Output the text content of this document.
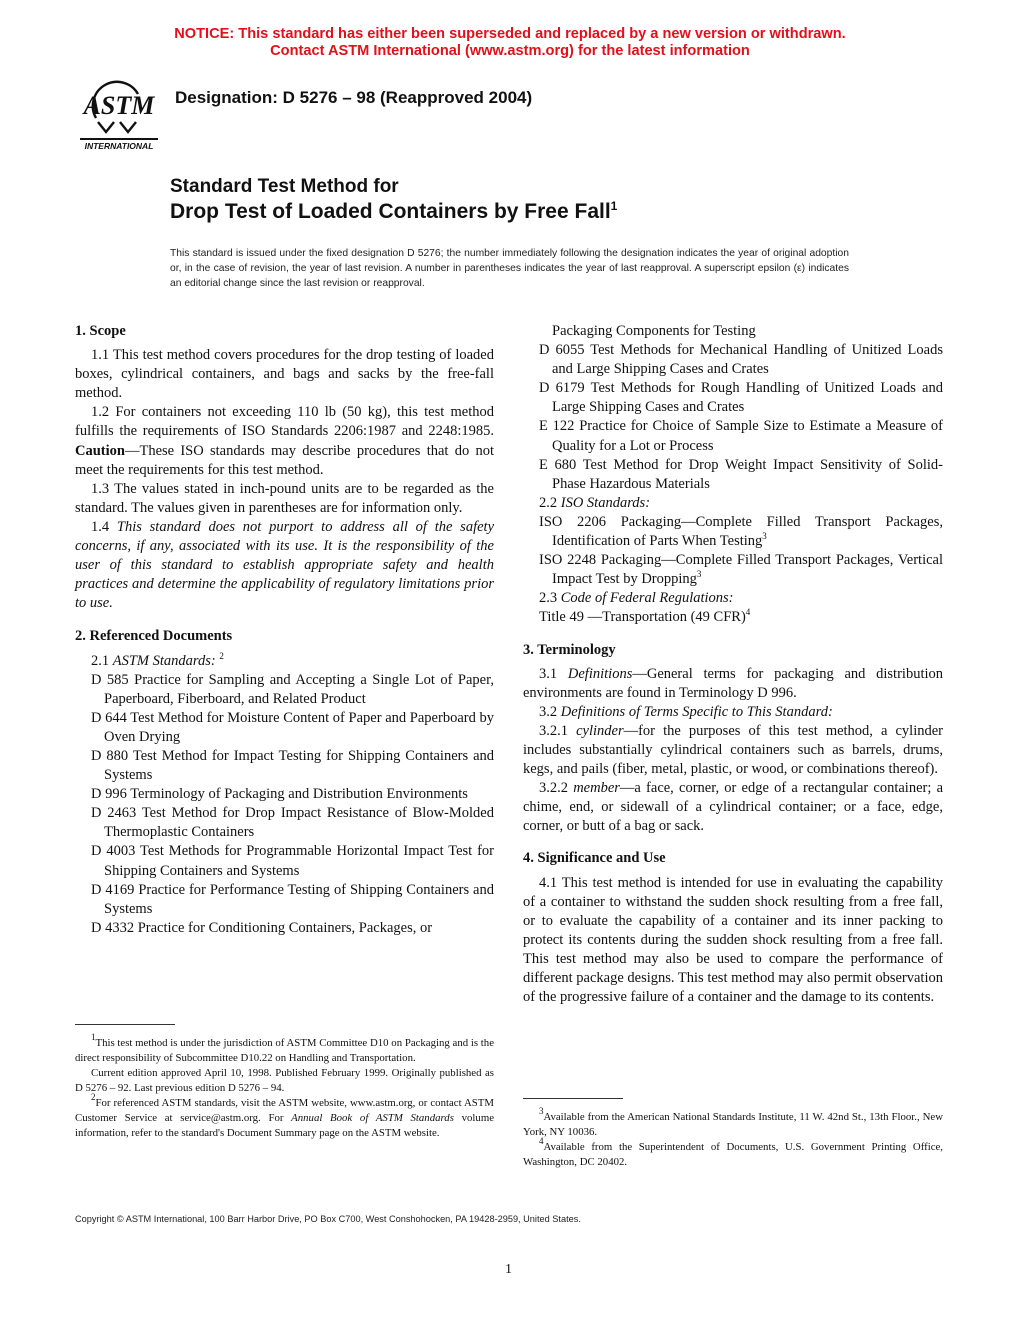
NOTICE: This standard has either been superseded and replaced by a new version or withdrawn.
Contact ASTM International (www.astm.org) for the latest information
ASTM
INTERNATIONAL
Designation: D 5276 – 98 (Reapproved 2004)
Standard Test Method for
Drop Test of Loaded Containers by Free Fall$^1$
This standard is issued under the fixed designation D 5276; the number immediately following the designation indicates the year of original adoption or, in the case of revision, the year of last revision. A number in parentheses indicates the year of last reapproval. A superscript epsilon (ε) indicates an editorial change since the last revision or reapproval.

1. Scope

1.1 This test method covers procedures for the drop testing of loaded boxes, cylindrical containers, and bags and sacks by the free-fall method.

1.2 For containers not exceeding 110 lb (50 kg), this test method fulfills the requirements of ISO Standards 2206:1987 and 2248:1985. Caution—These ISO standards may describe procedures that do not meet the requirements for this test method.

1.3 The values stated in inch-pound units are to be regarded as the standard. The values given in parentheses are for information only.

1.4 This standard does not purport to address all of the safety concerns, if any, associated with its use. It is the responsibility of the user of this standard to establish appropriate safety and health practices and determine the applicability of regulatory limitations prior to use.

2. Referenced Documents

2.1 ASTM Standards: $^2$

D 585 Practice for Sampling and Accepting a Single Lot of Paper, Paperboard, Fiberboard, and Related Product

D 644 Test Method for Moisture Content of Paper and Paperboard by Oven Drying

D 880 Test Method for Impact Testing for Shipping Containers and Systems

D 996 Terminology of Packaging and Distribution Environments

D 2463 Test Method for Drop Impact Resistance of Blow-Molded Thermoplastic Containers

D 4003 Test Methods for Programmable Horizontal Impact Test for Shipping Containers and Systems

D 4169 Practice for Performance Testing of Shipping Containers and Systems

D 4332 Practice for Conditioning Containers, Packages, or

$^1$This test method is under the jurisdiction of ASTM Committee D10 on Packaging and is the direct responsibility of Subcommittee D10.22 on Handling and Transportation.

Current edition approved April 10, 1998. Published February 1999. Originally published as D 5276 – 92. Last previous edition D 5276 – 94.

$^2$For referenced ASTM standards, visit the ASTM website, www.astm.org, or contact ASTM Customer Service at service@astm.org. For Annual Book of ASTM Standards volume information, refer to the standard's Document Summary page on the ASTM website.

Packaging Components for Testing

D 6055 Test Methods for Mechanical Handling of Unitized Loads and Large Shipping Cases and Crates

D 6179 Test Methods for Rough Handling of Unitized Loads and Large Shipping Cases and Crates

E 122 Practice for Choice of Sample Size to Estimate a Measure of Quality for a Lot or Process

E 680 Test Method for Drop Weight Impact Sensitivity of Solid-Phase Hazardous Materials

2.2 ISO Standards:

ISO 2206 Packaging—Complete Filled Transport Packages, Identification of Parts When Testing$^3$

ISO 2248 Packaging—Complete Filled Transport Packages, Vertical Impact Test by Dropping$^3$

2.3 Code of Federal Regulations:

Title 49 —Transportation (49 CFR)$^4$

3. Terminology

3.1 Definitions—General terms for packaging and distribution environments are found in Terminology D 996.

3.2 Definitions of Terms Specific to This Standard:

3.2.1 cylinder—for the purposes of this test method, a cylinder includes substantially cylindrical containers such as barrels, drums, kegs, and pails (fiber, metal, plastic, or wood, or combinations thereof).

3.2.2 member—a face, corner, or edge of a rectangular container; a chime, end, or sidewall of a cylindrical container; or a face, edge, corner, or butt of a bag or sack.

4. Significance and Use

4.1 This test method is intended for use in evaluating the capability of a container to withstand the sudden shock resulting from a free fall, or to evaluate the capability of a container and its inner packing to protect its contents during the sudden shock resulting from a free fall. This test method may also be used to compare the performance of different package designs. This test method may also permit observation of the progressive failure of a container and the damage to its contents.

$^3$Available from the American National Standards Institute, 11 W. 42nd St., 13th Floor., New York, NY 10036.

$^4$Available from the Superintendent of Documents, U.S. Government Printing Office, Washington, DC 20402.

Copyright © ASTM International, 100 Barr Harbor Drive, PO Box C700, West Conshohocken, PA 19428-2959, United States.
1
